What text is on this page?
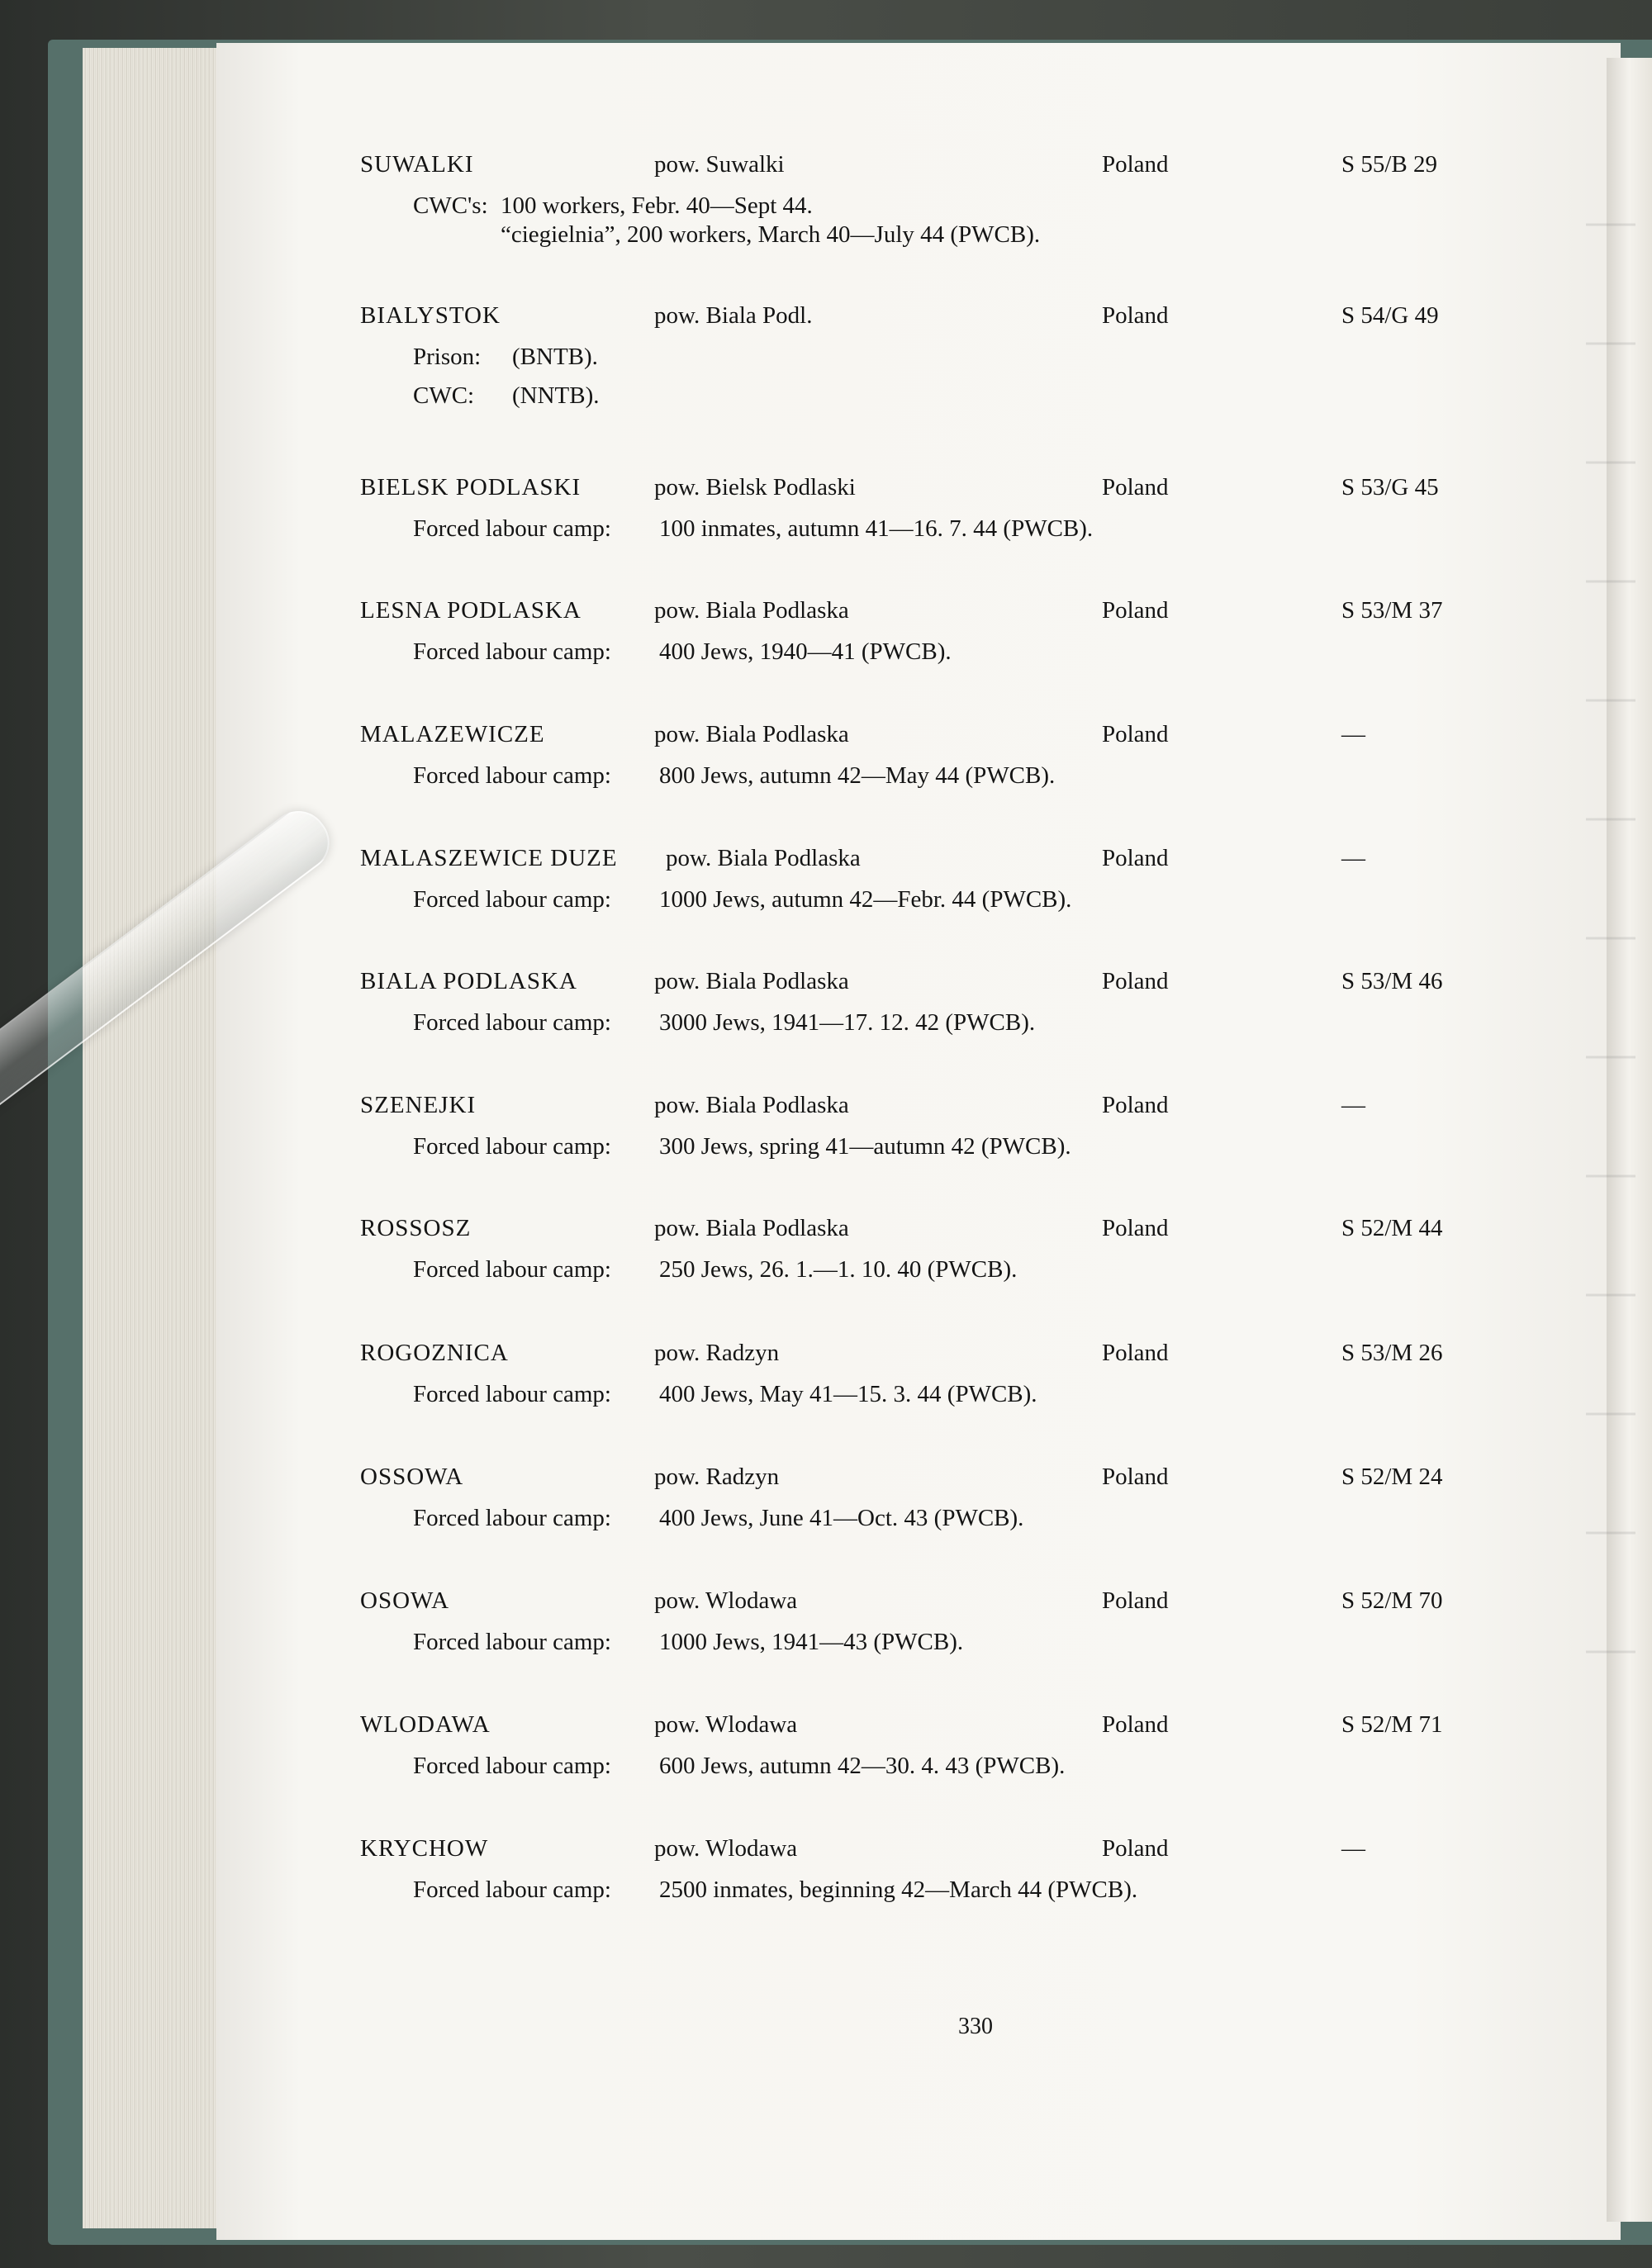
SUWALKI	pow. Suwalki	Poland	S 55/B 29
CWC's: 100 workers, Febr. 40—Sept 44.
“ciegielnia”, 200 workers, March 40—July 44 (PWCB).
BIALYSTOK	pow. Biala Podl.	Poland	S 54/G 49
Prison: (BNTB).
CWC: (NNTB).
BIELSK PODLASKI	pow. Bielsk Podlaski	Poland	S 53/G 45
Forced labour camp: 100 inmates, autumn 41—16. 7. 44 (PWCB).
LESNA PODLASKA	pow. Biala Podlaska	Poland	S 53/M 37
Forced labour camp: 400 Jews, 1940—41 (PWCB).
MALAZEWICZE	pow. Biala Podlaska	Poland	—
Forced labour camp: 800 Jews, autumn 42—May 44 (PWCB).
MALASZEWICE DUZE pow. Biala Podlaska	Poland	—
Forced labour camp: 1000 Jews, autumn 42—Febr. 44 (PWCB).
BIALA PODLASKA	pow. Biala Podlaska	Poland	S 53/M 46
Forced labour camp: 3000 Jews, 1941—17. 12. 42 (PWCB).
SZENEJKI	pow. Biala Podlaska	Poland	—
Forced labour camp: 300 Jews, spring 41—autumn 42 (PWCB).
ROSSOSZ	pow. Biala Podlaska	Poland	S 52/M 44
Forced labour camp: 250 Jews, 26. 1.—1. 10. 40 (PWCB).
ROGOZNICA	pow. Radzyn	Poland	S 53/M 26
Forced labour camp: 400 Jews, May 41—15. 3. 44 (PWCB).
OSSOWA	pow. Radzyn	Poland	S 52/M 24
Forced labour camp: 400 Jews, June 41—Oct. 43 (PWCB).
OSOWA	pow. Wlodawa	Poland	S 52/M 70
Forced labour camp: 1000 Jews, 1941—43 (PWCB).
WLODAWA	pow. Wlodawa	Poland	S 52/M 71
Forced labour camp: 600 Jews, autumn 42—30. 4. 43 (PWCB).
KRYCHOW	pow. Wlodawa	Poland	—
Forced labour camp: 2500 inmates, beginning 42—March 44 (PWCB).
330
